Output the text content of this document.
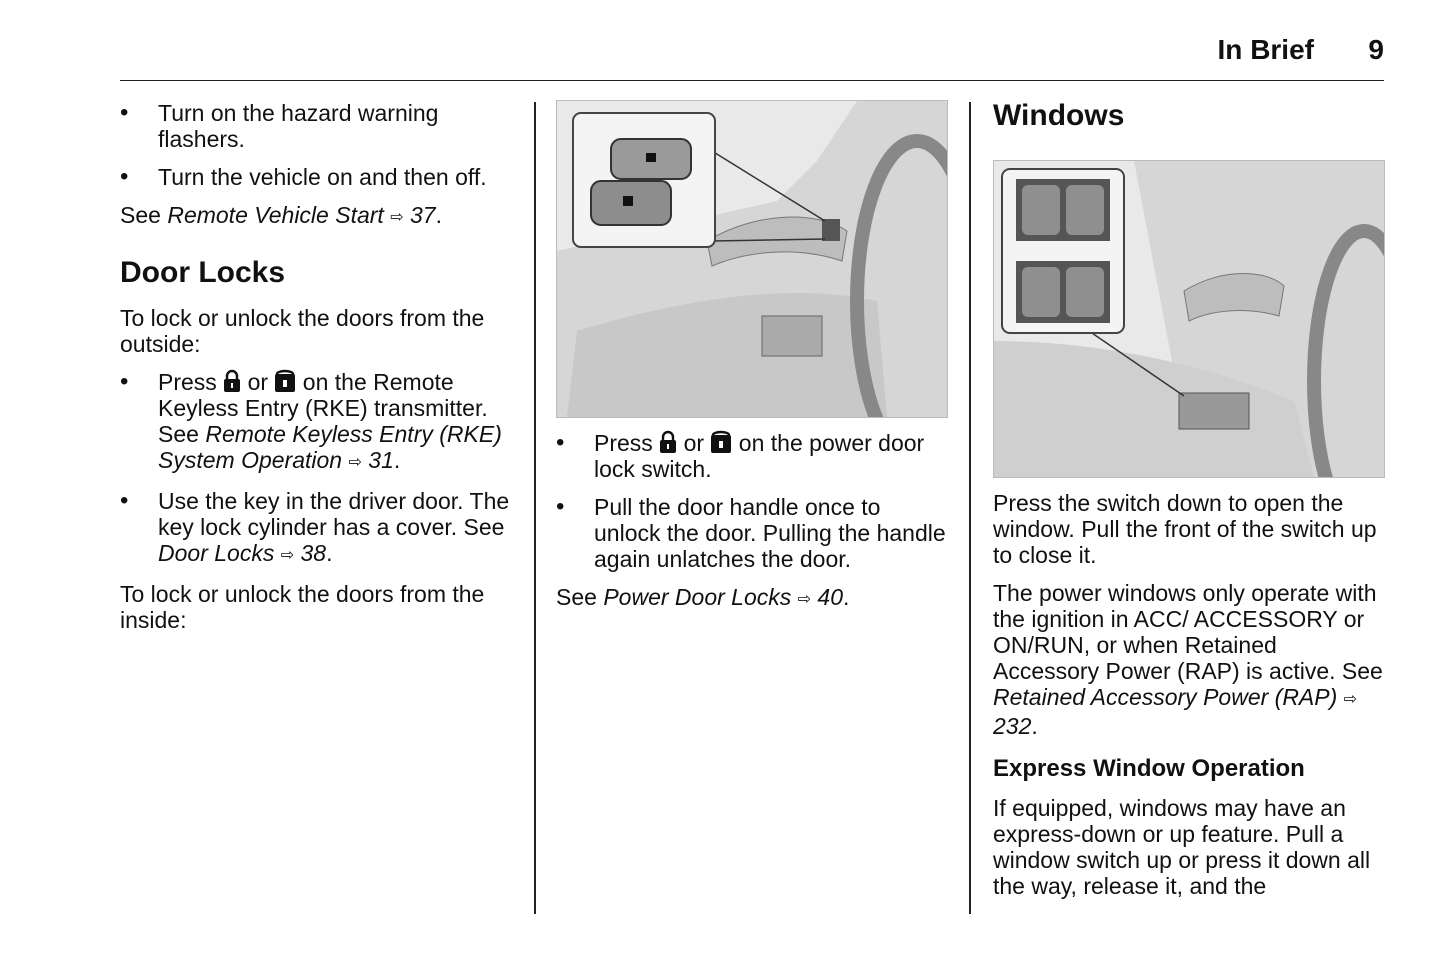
In Brief 9
• Turn on the hazard warning flashers.
• Turn the vehicle on and then off.

See Remote Vehicle Start ⇨ 37.

Door Locks

To lock or unlock the doors from the outside:

• Press  or  on the Remote Keyless Entry (RKE) transmitter. See Remote Keyless Entry (RKE) System Operation ⇨ 31.
• Use the key in the driver door. The key lock cylinder has a cover. See Door Locks ⇨ 38.

To lock or unlock the doors from the inside:

• Press  or  on the power door lock switch.
• Pull the door handle once to unlock the door. Pulling the handle again unlatches the door.

See Power Door Locks ⇨ 40.

Windows

Press the switch down to open the window. Pull the front of the switch up to close it.

The power windows only operate with the ignition in ACC/ ACCESSORY or ON/RUN, or when Retained Accessory Power (RAP) is active. See Retained Accessory Power (RAP) ⇨ 232.

Express Window Operation

If equipped, windows may have an express-down or up feature. Pull a window switch up or press it down all the way, release it, and the
